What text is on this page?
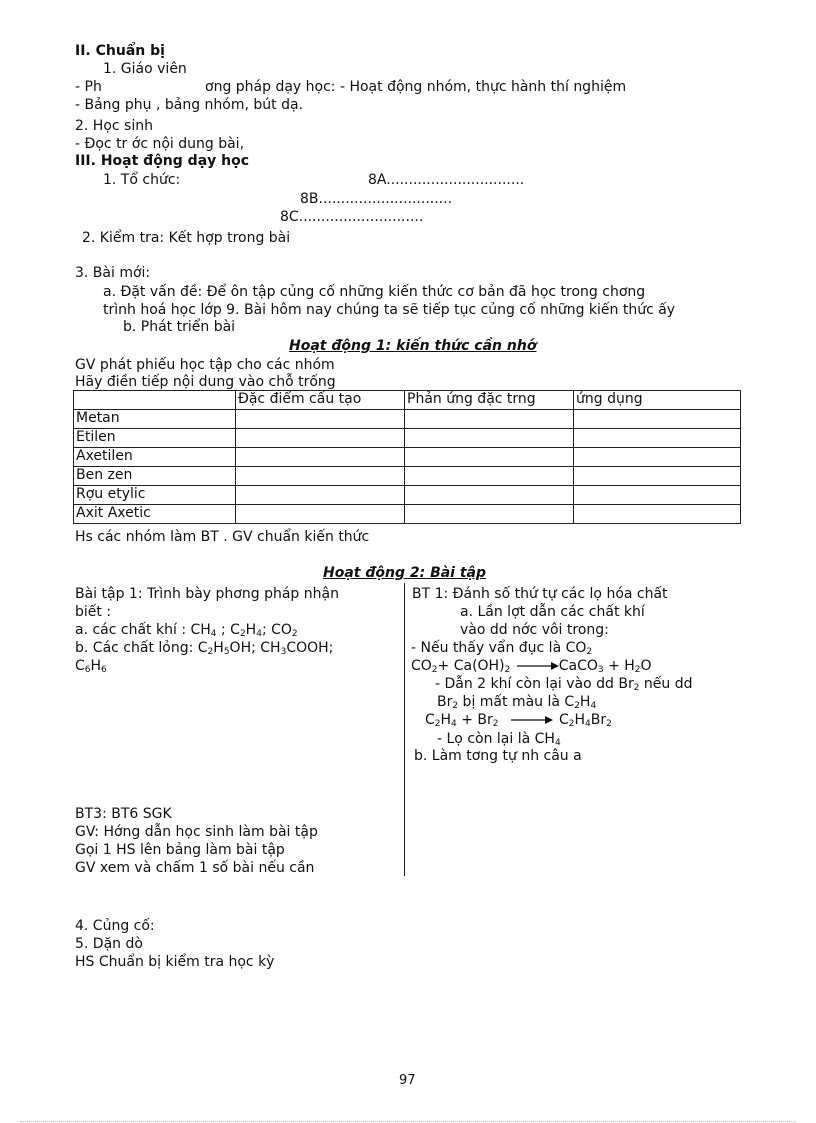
II. Chuẩn bị
1. Giáo viên
- Ph	ơng pháp dạy học: - Hoạt động nhóm, thực hành thí nghiệm
- Bảng phụ , bảng nhóm, bút dạ.
2. Học sinh
- Đọc tr ớc nội dung bài,
III. Hoạt động dạy học
1. Tổ chức:	8A...............................
8B..............................
8C............................
2. Kiểm tra: Kết hợp trong bài
3. Bài mới:
a. Đặt vấn đề: Để ôn tập củng cố những kiến thức cơ bản đã học trong chơng
trình hoá học lớp 9. Bài hôm nay chúng ta sẽ tiếp tục củng cố những kiến thức ấy
b. Phát triển bài
Hoạt động 1: kiến thức cần nhớ
GV phát phiếu học tập cho các nhóm
Hãy điền tiếp nội dung vào chỗ trống
	Đặc điểm cấu tạo	Phản ứng đặc trng	ứng dụng
Metan			
Etilen			
Axetilen			
Ben zen			
Rợu etylic			
Axit Axetic			
Hs các nhóm làm BT . GV chuẩn kiến thức
Hoạt động 2: Bài tập
Bài tập 1: Trình bày phơng pháp nhận
biết :
a. các chất khí : $CH_4$ ; $C_2H_4$; $CO_2$
b. Các chất lỏng: $C_2H_5OH$; $CH_3COOH$;
$C_6H_6$
BT3: BT6 SGK
GV: Hớng dẫn học sinh làm bài tập
Gọi 1 HS lên bảng làm bài tập
GV xem và chấm 1 số bài nếu cần
BT 1: Đánh số thứ tự các lọ hóa chất
a. Lần lợt dẫn các chất khí
vào dd nớc vôi trong:
- Nếu thấy vẩn đục là $CO_2$
$CO_2+ Ca(OH)_2$ →CaCO$_3$ + $H_2O$
- Dẫn 2 khí còn lại vào dd $Br_2$ nếu dd
$Br_2$ bị mất màu là $C_2H_4$
$C_2H_4 + Br_2 \to C_2H_4Br_2$
- Lọ còn lại là $CH_4$
b. Làm tơng tự nh câu a
4. Củng cố:
5. Dặn dò
HS Chuẩn bị kiểm tra học kỳ
97
